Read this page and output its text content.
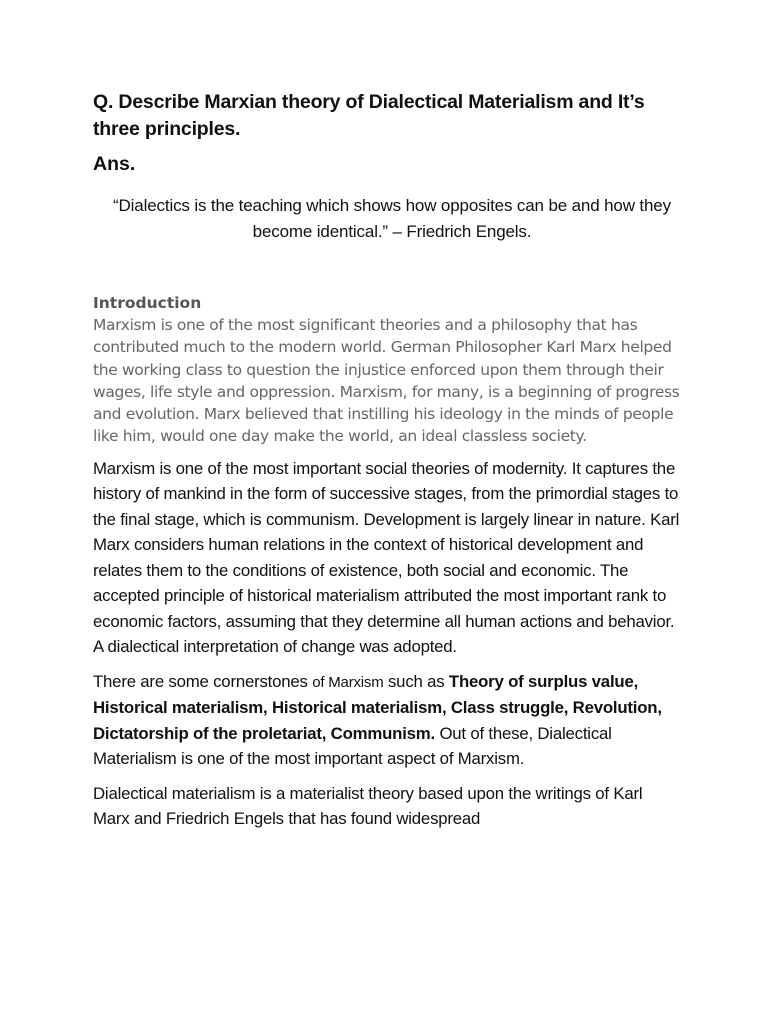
Q. Describe Marxian theory of Dialectical Materialism and It’s three principles.

Ans.

“Dialectics is the teaching which shows how opposites can be and how they become identical.” – Friedrich Engels.

Introduction

Marxism is one of the most significant theories and a philosophy that has contributed much to the modern world. German Philosopher Karl Marx helped the working class to question the injustice enforced upon them through their wages, life style and oppression. Marxism, for many, is a beginning of progress and evolution. Marx believed that instilling his ideology in the minds of people like him, would one day make the world, an ideal classless society.

Marxism is one of the most important social theories of modernity. It captures the history of mankind in the form of successive stages, from the primordial stages to the final stage, which is communism. Development is largely linear in nature. Karl Marx considers human relations in the context of historical development and relates them to the conditions of existence, both social and economic. The accepted principle of historical materialism attributed the most important rank to economic factors, assuming that they determine all human actions and behavior. A dialectical interpretation of change was adopted.

There are some cornerstones of Marxism such as Theory of surplus value, Historical materialism, Historical materialism, Class struggle, Revolution, Dictatorship of the proletariat, Communism. Out of these, Dialectical Materialism is one of the most important aspect of Marxism.

Dialectical materialism is a materialist theory based upon the writings of Karl Marx and Friedrich Engels that has found widespread
